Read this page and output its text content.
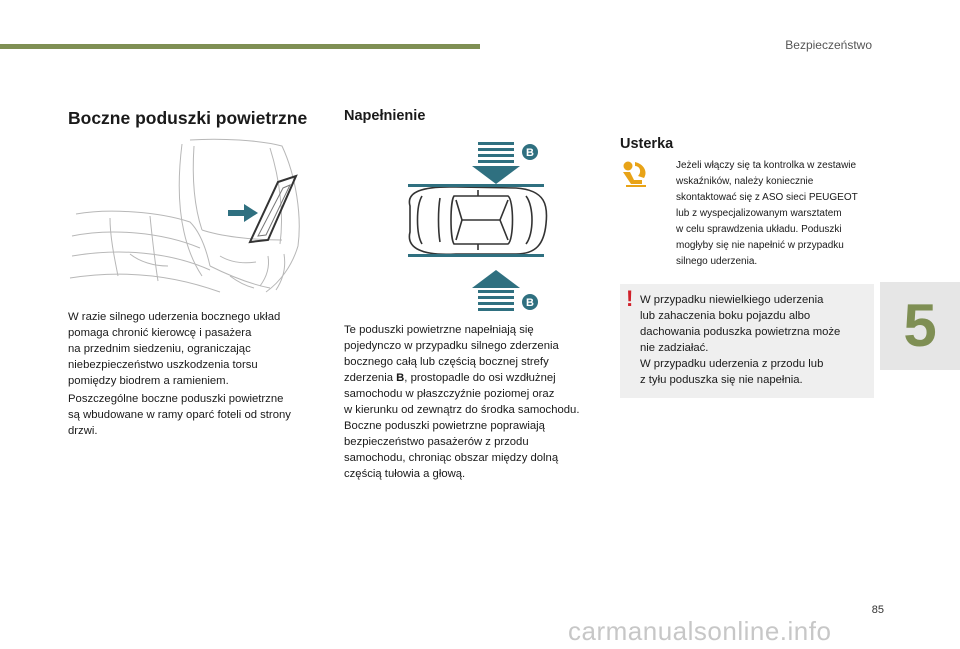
Bezpieczeństwo
Boczne poduszki powietrzne
W razie silnego uderzenia bocznego układ
pomaga chronić kierowcę i pasażera
na przednim siedzeniu, ograniczając
niebezpieczeństwo uszkodzenia torsu
pomiędzy biodrem a ramieniem.
Poszczególne boczne poduszki powietrzne
są wbudowane w ramy oparć foteli od strony
drzwi.
Napełnienie
B
B
Te poduszki powietrzne napełniają się
pojedynczo w przypadku silnego zderzenia
bocznego całą lub częścią bocznej strefy
zderzenia B, prostopadle do osi wzdłużnej
samochodu w płaszczyźnie poziomej oraz
w kierunku od zewnątrz do środka samochodu.
Boczne poduszki powietrzne poprawiają
bezpieczeństwo pasażerów z przodu
samochodu, chroniąc obszar między dolną
częścią tułowia a głową.
Usterka
Jeżeli włączy się ta kontrolka w zestawie
wskaźników, należy koniecznie
skontaktować się z ASO sieci PEUGEOT
lub z wyspecjalizowanym warsztatem
w celu sprawdzenia układu. Poduszki
mogłyby się nie napełnić w przypadku
silnego uderzenia.
! W przypadku niewielkiego uderzenia
lub zahaczenia boku pojazdu albo
dachowania poduszka powietrzna może
nie zadziałać.
W przypadku uderzenia z przodu lub
z tyłu poduszka się nie napełnia.
5
85
carmanualsonline.info
